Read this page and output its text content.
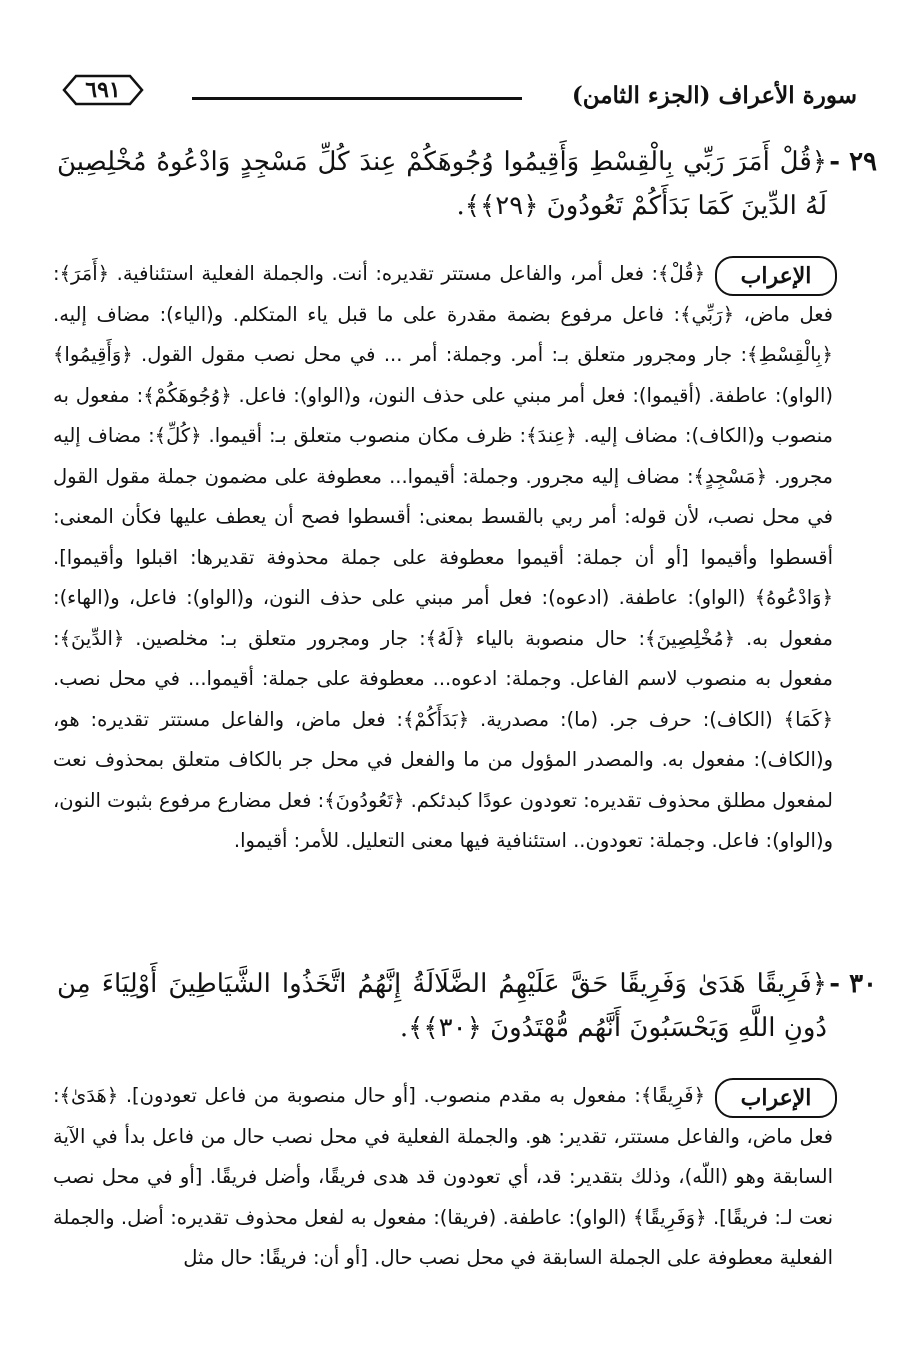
سورة الأعراف (الجزء الثامن)
٦٩١
٢٩ -
﴿قُلْ أَمَرَ رَبِّي بِالْقِسْطِ وَأَقِيمُوا وُجُوهَكُمْ عِندَ كُلِّ مَسْجِدٍ وَادْعُوهُ مُخْلِصِينَ لَهُ الدِّينَ كَمَا بَدَأَكُمْ تَعُودُونَ ﴿٢٩﴾﴾.
الإعراب

﴿قُلْ﴾: فعل أمر، والفاعل مستتر تقديره: أنت. والجملة الفعلية استئنافية. ﴿أَمَرَ﴾: فعل ماض، ﴿رَبِّي﴾: فاعل مرفوع بضمة مقدرة على ما قبل ياء المتكلم. و(الياء): مضاف إليه. ﴿بِالْقِسْطِ﴾: جار ومجرور متعلق بـ: أمر. وجملة: أمر ... في محل نصب مقول القول. ﴿وَأَقِيمُوا﴾ (الواو): عاطفة. (أقيموا): فعل أمر مبني على حذف النون، و(الواو): فاعل. ﴿وُجُوهَكُمْ﴾: مفعول به منصوب و(الكاف): مضاف إليه. ﴿عِندَ﴾: ظرف مكان منصوب متعلق بـ: أقيموا. ﴿كُلِّ﴾: مضاف إليه مجرور. ﴿مَسْجِدٍ﴾: مضاف إليه مجرور. وجملة: أقيموا... معطوفة على مضمون جملة مقول القول في محل نصب، لأن قوله: أمر ربي بالقسط بمعنى: أقسطوا فصح أن يعطف عليها فكأن المعنى: أقسطوا وأقيموا [أو أن جملة: أقيموا معطوفة على جملة محذوفة تقديرها: اقبلوا وأقيموا]. ﴿وَادْعُوهُ﴾ (الواو): عاطفة. (ادعوه): فعل أمر مبني على حذف النون، و(الواو): فاعل، و(الهاء): مفعول به. ﴿مُخْلِصِينَ﴾: حال منصوبة بالياء ﴿لَهُ﴾: جار ومجرور متعلق بـ: مخلصين. ﴿الدِّينَ﴾: مفعول به منصوب لاسم الفاعل. وجملة: ادعوه... معطوفة على جملة: أقيموا... في محل نصب. ﴿كَمَا﴾ (الكاف): حرف جر. (ما): مصدرية. ﴿بَدَأَكُمْ﴾: فعل ماض، والفاعل مستتر تقديره: هو، و(الكاف): مفعول به. والمصدر المؤول من ما والفعل في محل جر بالكاف متعلق بمحذوف نعت لمفعول مطلق محذوف تقديره: تعودون عودًا كبدئكم. ﴿تَعُودُونَ﴾: فعل مضارع مرفوع بثبوت النون، و(الواو): فاعل. وجملة: تعودون.. استئنافية فيها معنى التعليل. للأمر: أقيموا.

٣٠ -
﴿فَرِيقًا هَدَىٰ وَفَرِيقًا حَقَّ عَلَيْهِمُ الضَّلَالَةُ إِنَّهُمُ اتَّخَذُوا الشَّيَاطِينَ أَوْلِيَاءَ مِن دُونِ اللَّهِ وَيَحْسَبُونَ أَنَّهُم مُّهْتَدُونَ ﴿٣٠﴾﴾.
الإعراب

﴿فَرِيقًا﴾: مفعول به مقدم منصوب. [أو حال منصوبة من فاعل تعودون]. ﴿هَدَىٰ﴾: فعل ماض، والفاعل مستتر، تقدير: هو. والجملة الفعلية في محل نصب حال من فاعل بدأ في الآية السابقة وهو (اللّه)، وذلك بتقدير: قد، أي تعودون قد هدى فريقًا، وأضل فريقًا. [أو في محل نصب نعت لـ: فريقًا]. ﴿وَفَرِيقًا﴾ (الواو): عاطفة. (فريقا): مفعول به لفعل محذوف تقديره: أضل. والجملة الفعلية معطوفة على الجملة السابقة في محل نصب حال. [أو أن: فريقًا: حال مثل
